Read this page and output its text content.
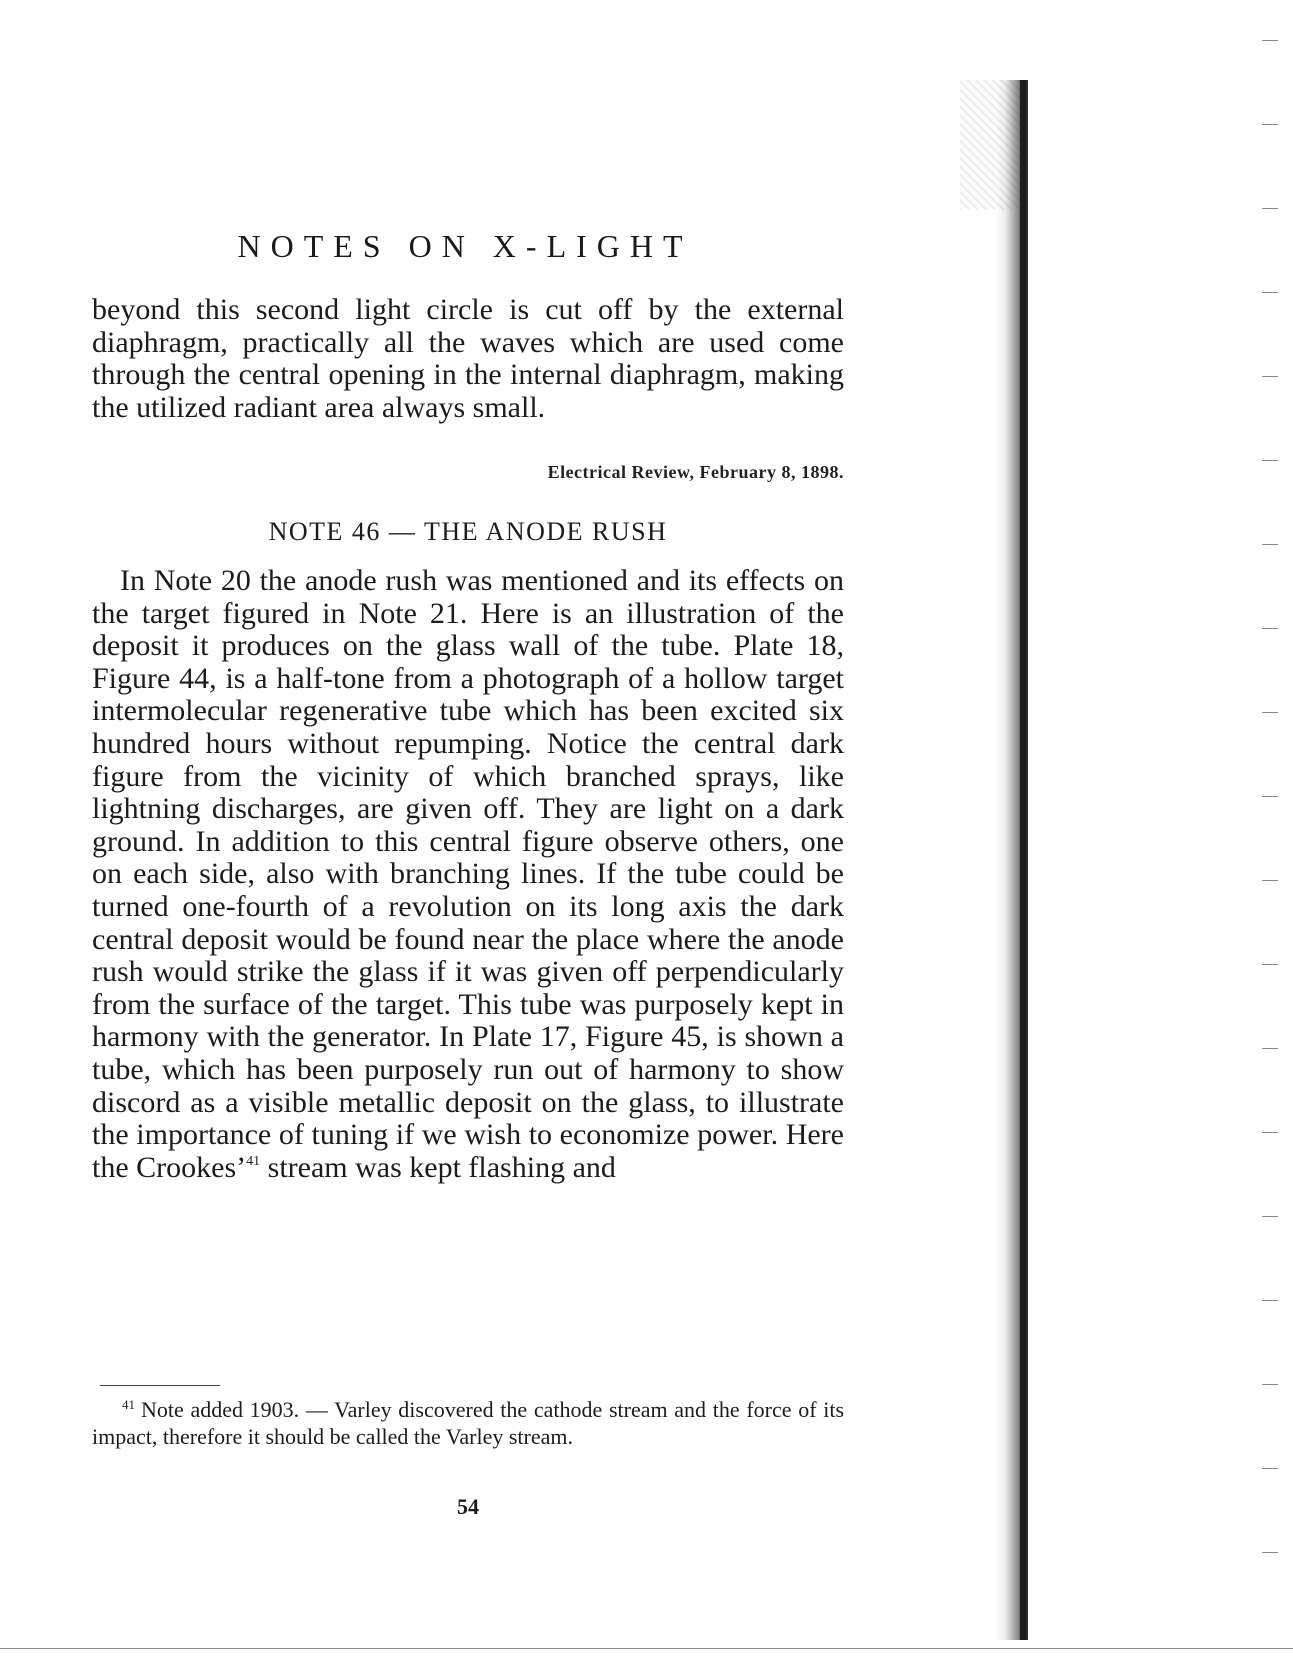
NOTES ON X-LIGHT

beyond this second light circle is cut off by the external diaphragm, practically all the waves which are used come through the central opening in the internal diaphragm, making the utilized radiant area always small.

Electrical Review, February 8, 1898.
NOTE 46 — THE ANODE RUSH

In Note 20 the anode rush was mentioned and its effects on the target figured in Note 21. Here is an illustration of the deposit it produces on the glass wall of the tube. Plate 18, Figure 44, is a half-tone from a photograph of a hollow target intermolecular regenerative tube which has been excited six hundred hours without repumping. Notice the central dark figure from the vicinity of which branched sprays, like lightning discharges, are given off. They are light on a dark ground. In addition to this central figure observe others, one on each side, also with branching lines. If the tube could be turned one-fourth of a revolution on its long axis the dark central deposit would be found near the place where the anode rush would strike the glass if it was given off perpendicularly from the surface of the target. This tube was purposely kept in harmony with the generator. In Plate 17, Figure 45, is shown a tube, which has been purposely run out of harmony to show discord as a visible metallic deposit on the glass, to illustrate the importance of tuning if we wish to economize power. Here the Crookes’$^{41}$ stream was kept flashing and

$^{41}$ Note added 1903. — Varley discovered the cathode stream and the force of its impact, therefore it should be called the Varley stream.

54
